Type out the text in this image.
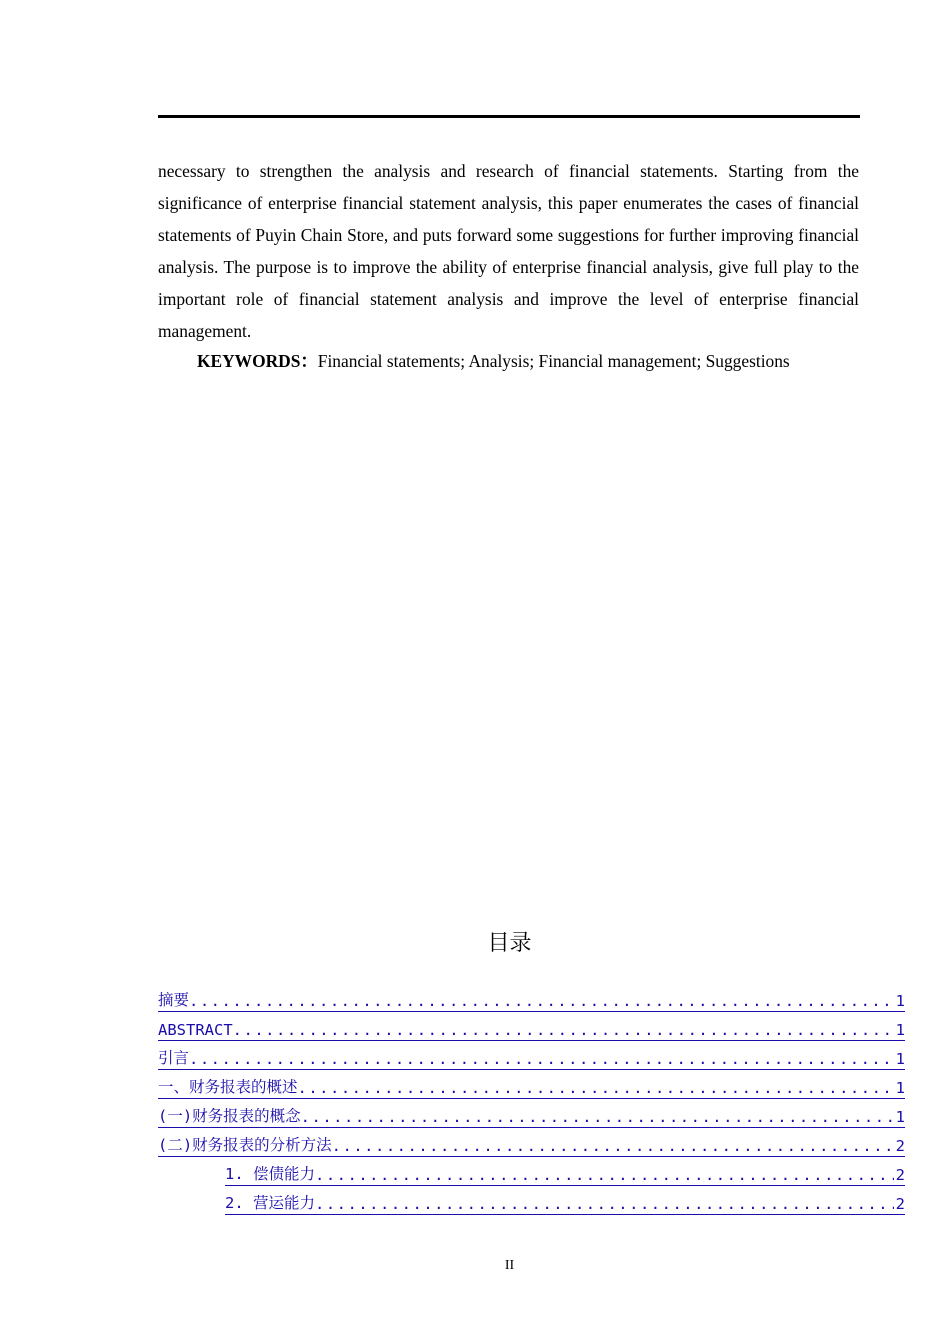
necessary to strengthen the analysis and research of financial statements. Starting from the significance of enterprise financial statement analysis, this paper enumerates the cases of financial statements of Puyin Chain Store, and puts forward some suggestions for further improving financial analysis. The purpose is to improve the ability of enterprise financial analysis, give full play to the important role of financial statement analysis and improve the level of enterprise financial management.

KEYWORDS：Financial statements; Analysis; Financial management; Suggestions

目录
摘要 .....	1
ABSTRACT .....	1
引言 .....	1
一、财务报表的概述 .....	1
(一)财务报表的概念 .....	1
(二)财务报表的分析方法 .....	2
1. 偿债能力 .....	2
2. 营运能力 .....	2
II
